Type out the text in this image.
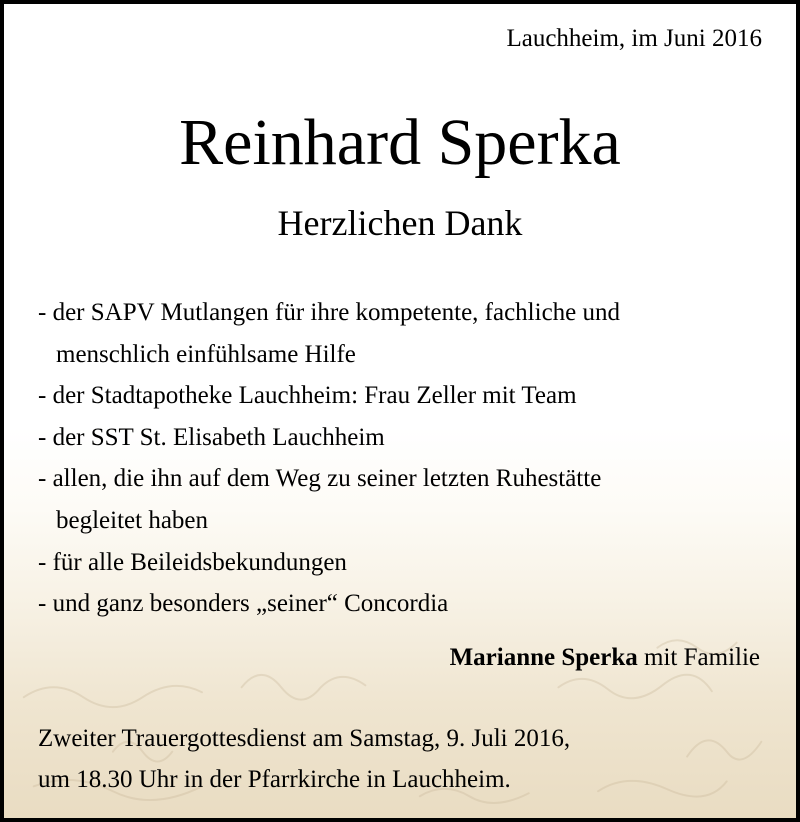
Lauchheim, im Juni 2016
Reinhard Sperka
Herzlichen Dank
- der SAPV Mutlangen für ihre kompetente, fachliche und
menschlich einfühlsame Hilfe
- der Stadtapotheke Lauchheim: Frau Zeller mit Team
- der SST St. Elisabeth Lauchheim
- allen, die ihn auf dem Weg zu seiner letzten Ruhestätte
begleitet haben
- für alle Beileidsbekundungen
- und ganz besonders „seiner“ Concordia
Marianne Sperka mit Familie
Zweiter Trauergottesdienst am Samstag, 9. Juli 2016,
um 18.30 Uhr in der Pfarrkirche in Lauchheim.
